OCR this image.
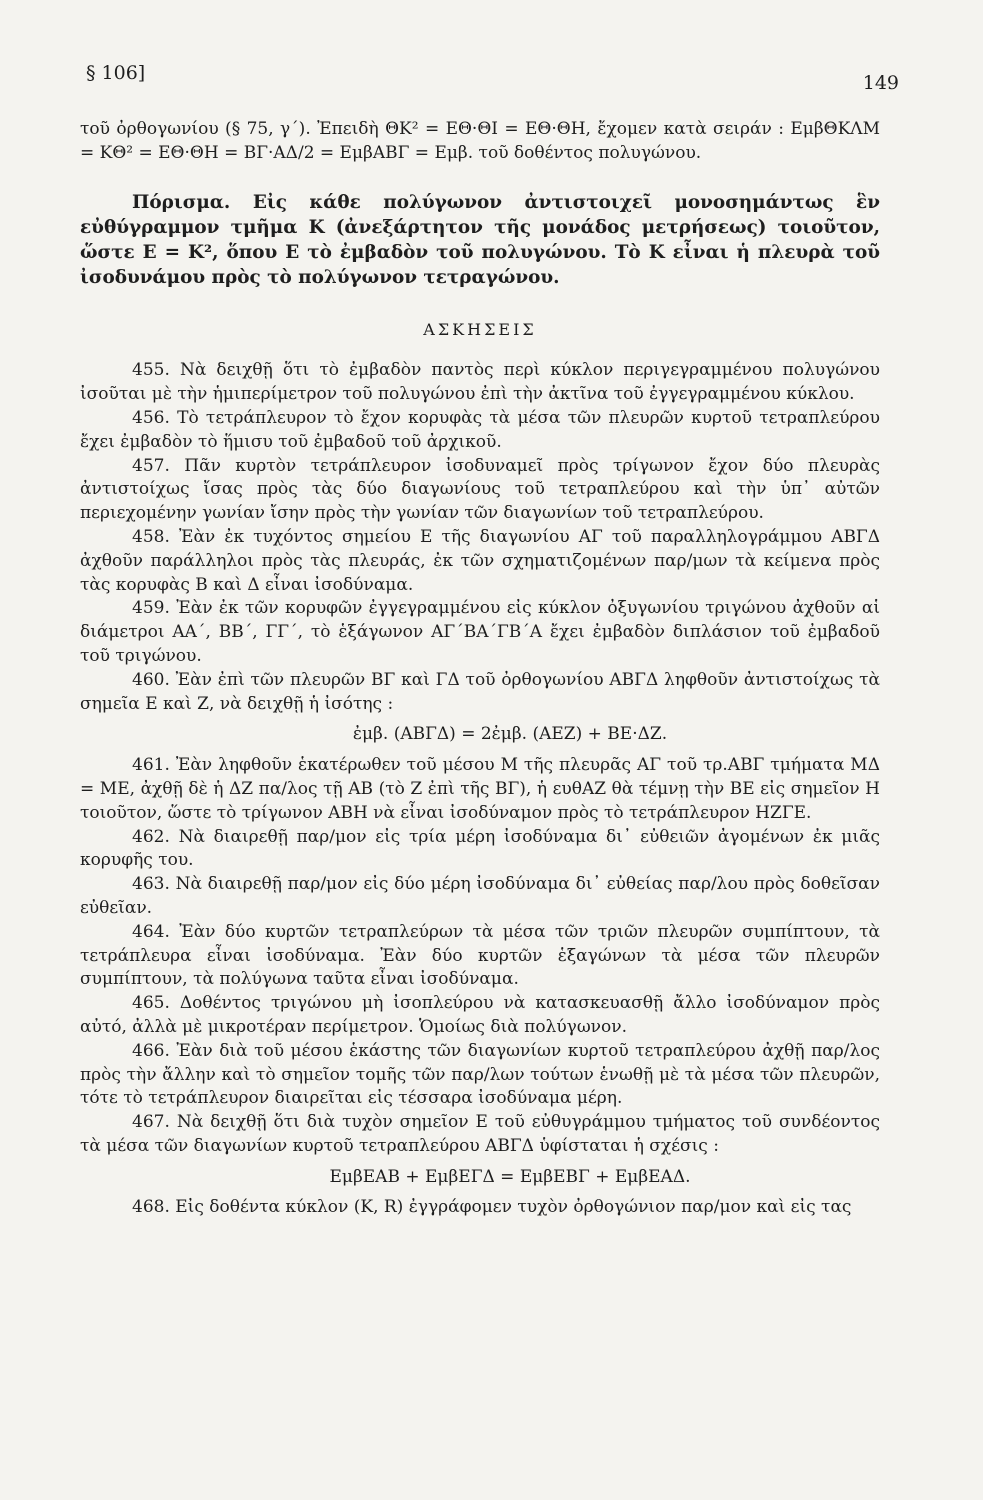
§ 106]	149

τοῦ ὀρθογωνίου (§ 75, γ΄). Ἐπειδὴ ΘΚ² = ΕΘ·ΘΙ = ΕΘ·ΘΗ, ἔχομεν κατὰ σειράν : ΕμβΘΚΛΜ = ΚΘ² = ΕΘ·ΘΗ = ΒΓ·ΑΔ/2 = ΕμβΑΒΓ = Εμβ. τοῦ δοθέντος πολυγώνου.

Πόρισμα. Εἰς κάθε πολύγωνον ἀντιστοιχεῖ μονοσημάντως ἓν εὐθύγραμμον τμῆμα Κ (ἀνεξάρτητον τῆς μονάδος μετρήσεως) τοιοῦτον, ὥστε Ε = Κ², ὅπου Ε τὸ ἐμβαδὸν τοῦ πολυγώνου. Τὸ Κ εἶναι ἡ πλευρὰ τοῦ ἰσοδυνάμου πρὸς τὸ πολύγωνον τετραγώνου.

ΑΣΚΗΣΕΙΣ

455. Νὰ δειχθῇ ὅτι τὸ ἐμβαδὸν παντὸς περὶ κύκλον περιγεγραμμένου πολυγώνου ἰσοῦται μὲ τὴν ἡμιπερίμετρον τοῦ πολυγώνου ἐπὶ τὴν ἀκτῖνα τοῦ ἐγγεγραμμένου κύκλου.

456. Τὸ τετράπλευρον τὸ ἔχον κορυφὰς τὰ μέσα τῶν πλευρῶν κυρτοῦ τετραπλεύρου ἔχει ἐμβαδὸν τὸ ἥμισυ τοῦ ἐμβαδοῦ τοῦ ἀρχικοῦ.

457. Πᾶν κυρτὸν τετράπλευρον ἰσοδυναμεῖ πρὸς τρίγωνον ἔχον δύο πλευρὰς ἀντιστοίχως ἴσας πρὸς τὰς δύο διαγωνίους τοῦ τετραπλεύρου καὶ τὴν ὑπ᾽ αὐτῶν περιεχομένην γωνίαν ἴσην πρὸς τὴν γωνίαν τῶν διαγωνίων τοῦ τετραπλεύρου.

458. Ἐὰν ἐκ τυχόντος σημείου Ε τῆς διαγωνίου ΑΓ τοῦ παραλληλογράμμου ΑΒΓΔ ἀχθοῦν παράλληλοι πρὸς τὰς πλευράς, ἐκ τῶν σχηματιζομένων παρ/μων τὰ κείμενα πρὸς τὰς κορυφὰς Β καὶ Δ εἶναι ἰσοδύναμα.

459. Ἐὰν ἐκ τῶν κορυφῶν ἐγγεγραμμένου εἰς κύκλον ὀξυγωνίου τριγώνου ἀχθοῦν αἱ διάμετροι ΑΑ΄, ΒΒ΄, ΓΓ΄, τὸ ἑξάγωνον ΑΓ΄ΒΑ΄ΓΒ΄Α ἔχει ἐμβαδὸν διπλάσιον τοῦ ἐμβαδοῦ τοῦ τριγώνου.

460. Ἐὰν ἐπὶ τῶν πλευρῶν ΒΓ καὶ ΓΔ τοῦ ὀρθογωνίου ΑΒΓΔ ληφθοῦν ἀντιστοίχως τὰ σημεῖα Ε καὶ Ζ, νὰ δειχθῇ ἡ ἰσότης :

ἐμβ. (ΑΒΓΔ) = 2ἐμβ. (ΑΕΖ) + ΒΕ·ΔΖ.

461. Ἐὰν ληφθοῦν ἑκατέρωθεν τοῦ μέσου Μ τῆς πλευρᾶς ΑΓ τοῦ τρ.ΑΒΓ τμήματα ΜΔ = ΜΕ, ἀχθῇ δὲ ἡ ΔΖ πα/λος τῇ ΑΒ (τὸ Ζ ἐπὶ τῆς ΒΓ), ἡ ευθΑΖ θὰ τέμνῃ τὴν ΒΕ εἰς σημεῖον Η τοιοῦτον, ὥστε τὸ τρίγωνον ΑΒΗ νὰ εἶναι ἰσοδύναμον πρὸς τὸ τετράπλευρον ΗΖΓΕ.

462. Νὰ διαιρεθῇ παρ/μον εἰς τρία μέρη ἰσοδύναμα δι᾽ εὐθειῶν ἀγομένων ἐκ μιᾶς κορυφῆς του.

463. Νὰ διαιρεθῇ παρ/μον εἰς δύο μέρη ἰσοδύναμα δι᾽ εὐθείας παρ/λου πρὸς δοθεῖσαν εὐθεῖαν.

464. Ἐὰν δύο κυρτῶν τετραπλεύρων τὰ μέσα τῶν τριῶν πλευρῶν συμπίπτουν, τὰ τετράπλευρα εἶναι ἰσοδύναμα. Ἐὰν δύο κυρτῶν ἑξαγώνων τὰ μέσα τῶν πλευρῶν συμπίπτουν, τὰ πολύγωνα ταῦτα εἶναι ἰσοδύναμα.

465. Δοθέντος τριγώνου μὴ ἰσοπλεύρου νὰ κατασκευασθῇ ἄλλο ἰσοδύναμον πρὸς αὐτό, ἀλλὰ μὲ μικροτέραν περίμετρον. Ὁμοίως διὰ πολύγωνον.

466. Ἐὰν διὰ τοῦ μέσου ἑκάστης τῶν διαγωνίων κυρτοῦ τετραπλεύρου ἀχθῇ παρ/λος πρὸς τὴν ἄλλην καὶ τὸ σημεῖον τομῆς τῶν παρ/λων τούτων ἑνωθῇ μὲ τὰ μέσα τῶν πλευρῶν, τότε τὸ τετράπλευρον διαιρεῖται εἰς τέσσαρα ἰσοδύναμα μέρη.

467. Νὰ δειχθῇ ὅτι διὰ τυχὸν σημεῖον Ε τοῦ εὐθυγράμμου τμήματος τοῦ συνδέοντος τὰ μέσα τῶν διαγωνίων κυρτοῦ τετραπλεύρου ΑΒΓΔ ὑφίσταται ἡ σχέσις :

ΕμβΕΑΒ + ΕμβΕΓΔ = ΕμβΕΒΓ + ΕμβΕΑΔ.

468. Εἰς δοθέντα κύκλον (Κ, R) ἐγγράφομεν τυχὸν ὀρθογώνιον παρ/μον καὶ εἰς τας
